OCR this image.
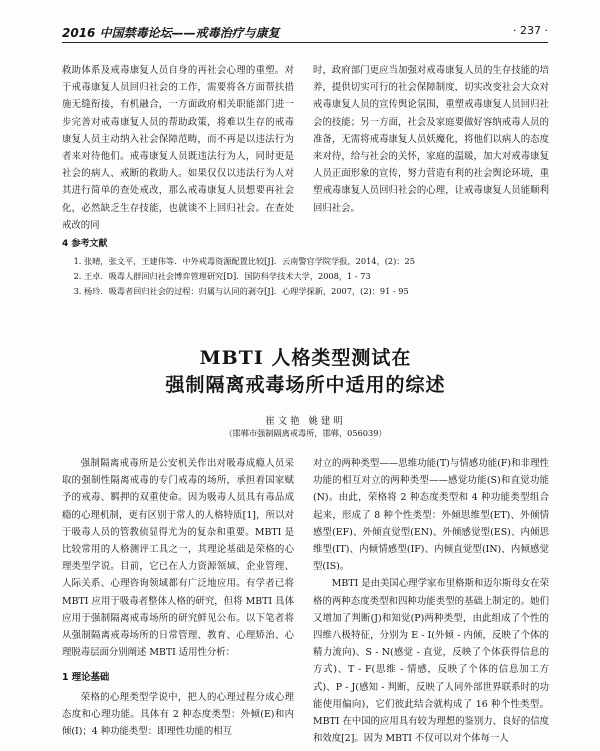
2016 中国禁毒论坛——戒毒治疗与康复	· 237 ·

救助体系及戒毒康复人员自身的再社会心理的重塑。对于戒毒康复人员回归社会的工作，需要将各方面帮扶措施无缝衔接，有机融合，一方面政府相关职能部门进一步完善对戒毒康复人员的帮助政策，将难以生存的戒毒康复人员主动纳入社会保障范畴，而不再是以违法行为者来对待他们。戒毒康复人员既违法行为人，同时更是社会的病人、戒断的救助人。如果仅仅以违法行为人对其进行简单的查处戒改，那么戒毒康复人员想要再社会化，必然缺乏生存技能，也就谈不上回归社会。在查处戒改的同

时，政府部门更应当加强对戒毒康复人员的生存技能的培养，提供切实可行的社会保障制度，切实改变社会大众对戒毒康复人员的宣传舆论氛围，重塑戒毒康复人员回归社会的技能；另一方面，社会及家庭要做好容纳戒毒人员的准备，无需将戒毒康复人员妖魔化，将他们以病人的态度来对待，给与社会的关怀，家庭的温暖，加大对戒毒康复人员正面形象的宣传，努力营造有利的社会舆论环境，重塑戒毒康复人员回归社会的心理，让戒毒康复人员能顺利回归社会。

4 参考文献
1. 张晴，张文平，王建伟等．中外戒毒资源配置比较[J]．云南警官学院学报，2014，(2)：25
2. 王卓．吸毒人群回归社会博弈管理研究[D]．国防科学技术大学，2008，1 - 73
3. 杨玲．吸毒者回归社会的过程：归属与认同的剥夺[J]．心理学探新，2007，(2)：91 - 95
MBTI 人格类型测试在
强制隔离戒毒场所中适用的综述
崔文艳 姚建明
（邯郸市强制隔离戒毒所，邯郸，056039）

强制隔离戒毒所是公安机关作出对吸毒成瘾人员采取的强制性隔离戒毒的专门戒毒的场所，承担着国家赋予的戒毒、羁押的双重使命。因为吸毒人员具有毒品成瘾的心理机制，更有区别于常人的人格特质[1]，所以对于吸毒人员的管教侦显得尤为的复杂和重要。MBTI 是比较常用的人格测评工具之一，其理论基础是荣格的心理类型学说。目前，它已在人力资源领域、企业管理、人际关系、心理咨询领域都有广泛地应用。有学者已将 MBTI 应用于吸毒者整体人格的研究，但将 MBTI 具体应用于强制隔离戒毒场所的研究鲜见公布。以下笔者将从强制隔离戒毒场所的日常管理、教育、心理矫治、心理脱毒层面分别阐述 MBTI 适用性分析：

1 理论基础

荣格的心理类型学说中，把人的心理过程分成心理态度和心理功能。具体有 2 种态度类型：外倾(E)和内倾(I)；4 种功能类型：即理性功能的相互

对立的两种类型——思维功能(T)与情感功能(F)和非理性功能的相互对立的两种类型——感觉功能(S)和直觉功能(N)。由此，荣格将 2 种态度类型和 4 种功能类型组合起来，形成了 8 种个性类型：外倾思维型(ET)、外倾情感型(EF)、外倾直觉型(EN)、外倾感觉型(ES)、内倾思维型(IT)、内倾情感型(IF)、内倾直觉型(IN)、内倾感觉型(IS)。

MBTI 是由美国心理学家布里格斯和迈尔斯母女在荣格的两种态度类型和四种功能类型的基础上制定的。她们又增加了判断(J)和知觉(P)两种类型，由此组成了个性的四维八极特征，分别为 E - I(外倾 - 内倾，反映了个体的精力流向)、S - N(感觉 - 直觉，反映了个体获得信息的方式)、T - F(思维 - 情感，反映了个体的信息加工方式)、P - J(感知 - 判断，反映了人同外部世界联系时的功能使用偏向)，它们彼此结合就构成了 16 种个性类型。MBTI 在中国的应用具有较为理想的鉴别力、良好的信度和效度[2]。因为 MBTI 不仅可以对个体每一人
